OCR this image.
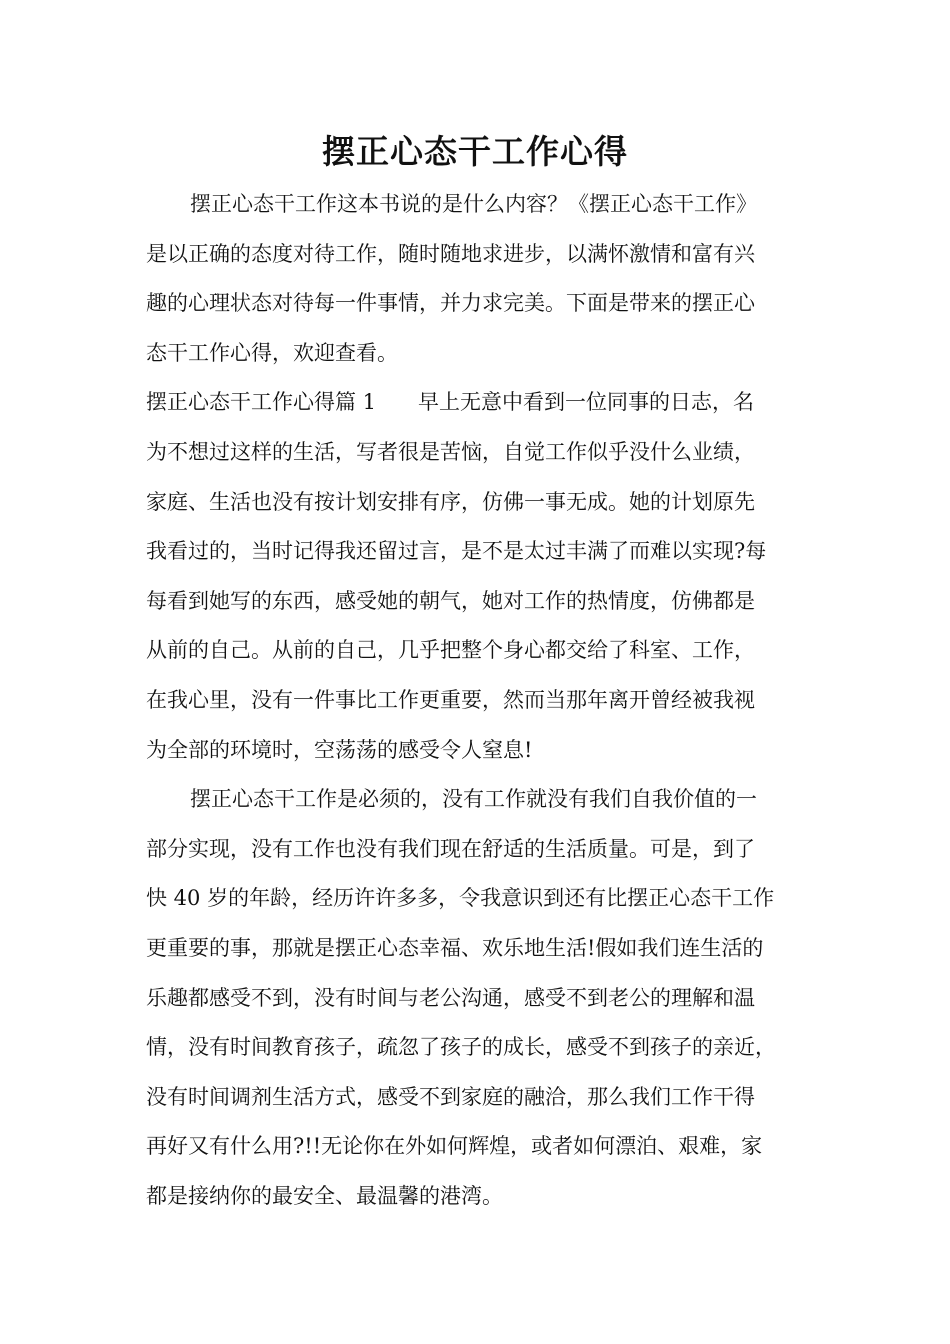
摆正心态干工作心得
摆正心态干工作这本书说的是什么内容？《摆正心态干工作》
是以正确的态度对待工作，随时随地求进步，以满怀激情和富有兴
趣的心理状态对待每一件事情，并力求完美。下面是带来的摆正心
态干工作心得，欢迎查看。
摆正心态干工作心得篇 1　　早上无意中看到一位同事的日志，名
为不想过这样的生活，写者很是苦恼，自觉工作似乎没什么业绩，
家庭、生活也没有按计划安排有序，仿佛一事无成。她的计划原先
我看过的，当时记得我还留过言，是不是太过丰满了而难以实现?每
每看到她写的东西，感受她的朝气，她对工作的热情度，仿佛都是
从前的自己。从前的自己，几乎把整个身心都交给了科室、工作，
在我心里，没有一件事比工作更重要，然而当那年离开曾经被我视
为全部的环境时，空荡荡的感受令人窒息!
摆正心态干工作是必须的，没有工作就没有我们自我价值的一
部分实现，没有工作也没有我们现在舒适的生活质量。可是，到了
快 40 岁的年龄，经历许许多多，令我意识到还有比摆正心态干工作
更重要的事，那就是摆正心态幸福、欢乐地生活!假如我们连生活的
乐趣都感受不到，没有时间与老公沟通，感受不到老公的理解和温
情，没有时间教育孩子，疏忽了孩子的成长，感受不到孩子的亲近，
没有时间调剂生活方式，感受不到家庭的融洽，那么我们工作干得
再好又有什么用?!!无论你在外如何辉煌，或者如何漂泊、艰难，家
都是接纳你的最安全、最温馨的港湾。
